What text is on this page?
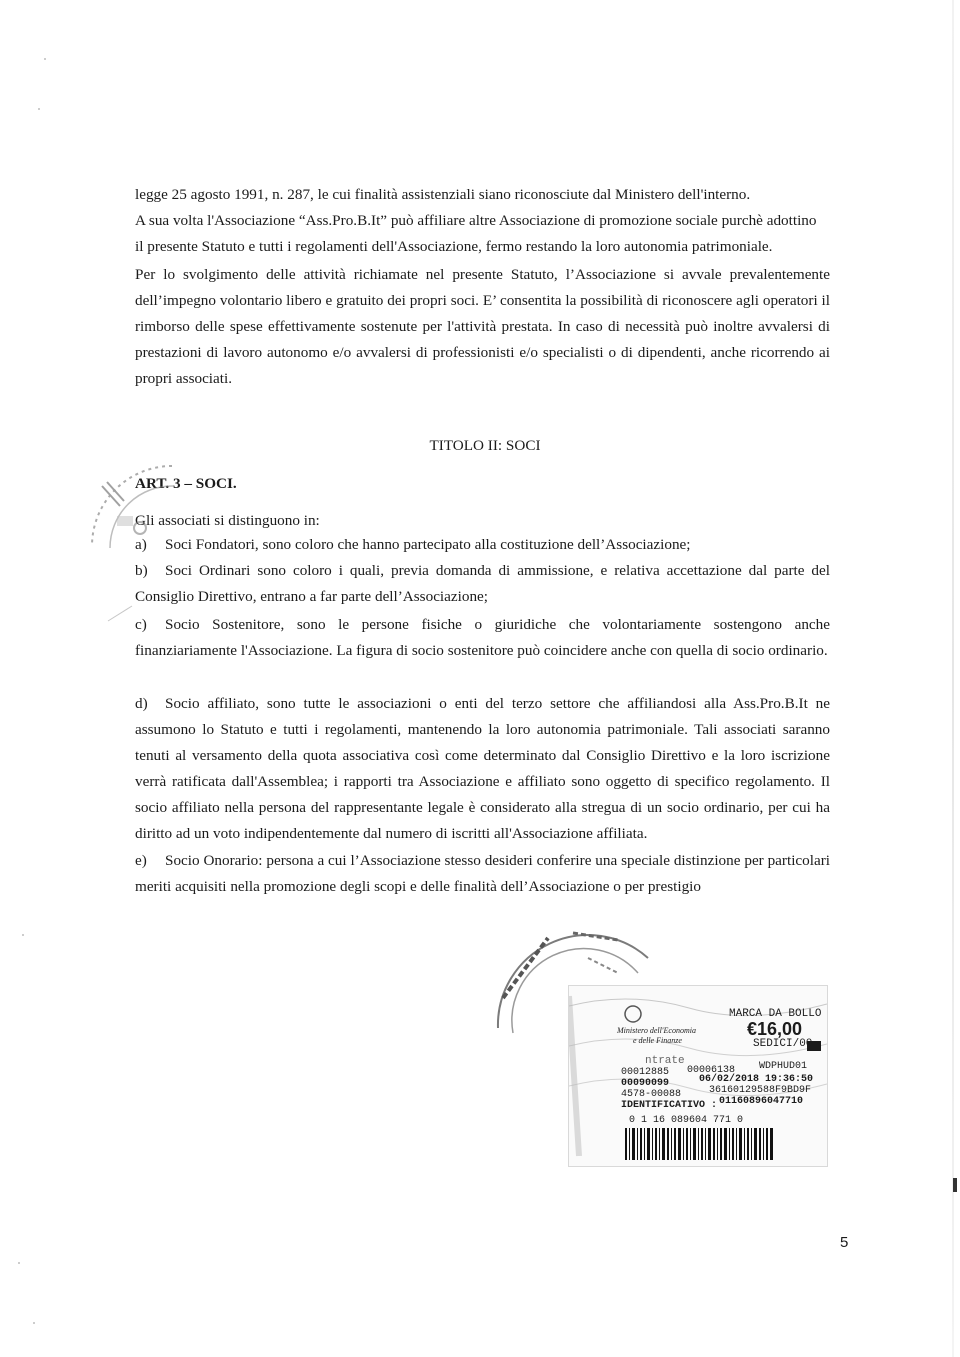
legge 25 agosto 1991, n. 287, le cui finalità assistenziali siano riconosciute dal Ministero dell'interno.

A sua volta l'Associazione “Ass.Pro.B.It” può affiliare altre Associazione di promozione sociale purchè adottino

il presente Statuto e tutti i regolamenti dell'Associazione, fermo restando la loro autonomia patrimoniale.

Per lo svolgimento delle attività richiamate nel presente Statuto, l’Associazione si avvale prevalentemente dell’impegno volontario libero e gratuito dei propri soci. E’ consentita la possibilità di riconoscere agli operatori il rimborso delle spese effettivamente sostenute per l'attività prestata. In caso di necessità può inoltre avvalersi di prestazioni di lavoro autonomo e/o avvalersi di professionisti e/o specialisti o di dipendenti, anche ricorrendo ai propri associati.

TITOLO II: SOCI

ART. 3 – SOCI.

Gli associati si distinguono in:

a) Soci Fondatori, sono coloro che hanno partecipato alla costituzione dell’Associazione;

b) Soci Ordinari sono coloro i quali, previa domanda di ammissione, e relativa accettazione dal parte del Consiglio Direttivo, entrano a far parte dell’Associazione;

c) Socio Sostenitore, sono le persone fisiche o giuridiche che volontariamente sostengono anche finanziariamente l'Associazione. La figura di socio sostenitore può coincidere anche con quella di socio ordinario.

d) Socio affiliato, sono tutte le associazioni o enti del terzo settore che affiliandosi alla Ass.Pro.B.It ne assumono lo Statuto e tutti i regolamenti, mantenendo la loro autonomia patrimoniale. Tali associati saranno tenuti al versamento della quota associativa così come determinato dal Consiglio Direttivo e la loro iscrizione verrà ratificata dall'Assemblea; i rapporti tra Associazione e affiliato sono oggetto di specifico regolamento. Il socio affiliato nella persona del rappresentante legale è considerato alla stregua di un socio ordinario, per cui ha diritto ad un voto indipendentemente dal numero di iscritti all'Associazione affiliata.

e) Socio Onorario: persona a cui l’Associazione stesso desideri conferire una speciale distinzione per particolari meriti acquisiti nella promozione degli scopi e delle finalità dell’Associazione o per prestigio

MARCA DA BOLLO
Ministero dell'Economia
e delle Finanze
€16,00
SEDICI/00
ntrate
00012885 00006138 WDPHUD01
00090099	06/02/2018 19:36:50
4578-00088	36160129588F9BD9F
IDENTIFICATIVO : 01160896047710
0 1 16 089604 771 0

5
